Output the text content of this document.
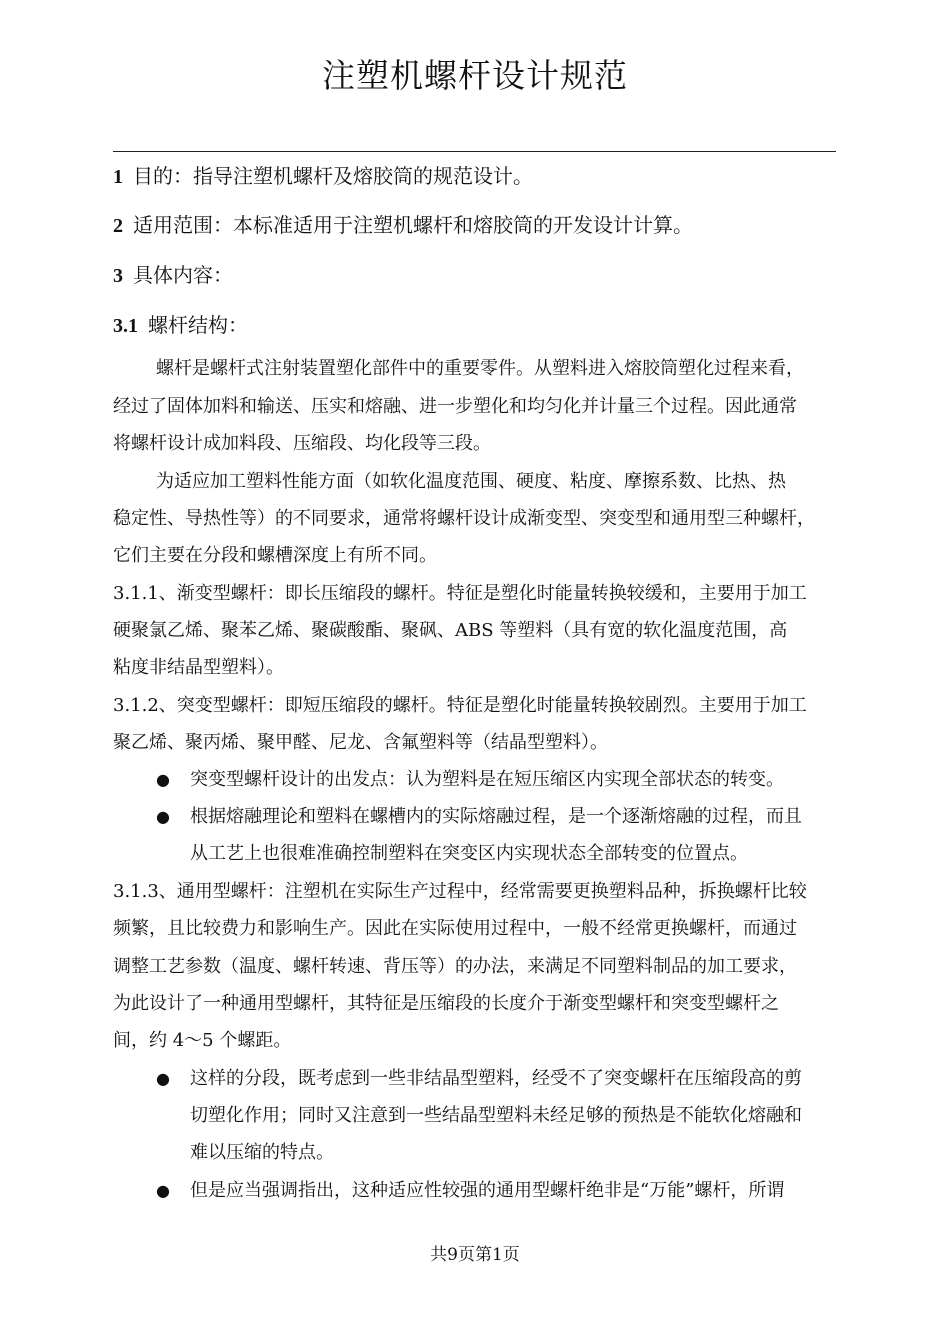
注塑机螺杆设计规范
1 目的：指导注塑机螺杆及熔胶筒的规范设计。
2 适用范围：本标准适用于注塑机螺杆和熔胶筒的开发设计计算。
3 具体内容：
3.1 螺杆结构：
螺杆是螺杆式注射装置塑化部件中的重要零件。从塑料进入熔胶筒塑化过程来看，
经过了固体加料和输送、压实和熔融、进一步塑化和均匀化并计量三个过程。因此通常
将螺杆设计成加料段、压缩段、均化段等三段。
为适应加工塑料性能方面（如软化温度范围、硬度、粘度、摩擦系数、比热、热
稳定性、导热性等）的不同要求，通常将螺杆设计成渐变型、突变型和通用型三种螺杆，
它们主要在分段和螺槽深度上有所不同。
3.1.1、渐变型螺杆：即长压缩段的螺杆。特征是塑化时能量转换较缓和，主要用于加工
硬聚氯乙烯、聚苯乙烯、聚碳酸酯、聚砜、ABS 等塑料（具有宽的软化温度范围，高
粘度非结晶型塑料）。
3.1.2、突变型螺杆：即短压缩段的螺杆。特征是塑化时能量转换较剧烈。主要用于加工
聚乙烯、聚丙烯、聚甲醛、尼龙、含氟塑料等（结晶型塑料）。
● 突变型螺杆设计的出发点：认为塑料是在短压缩区内实现全部状态的转变。
● 根据熔融理论和塑料在螺槽内的实际熔融过程，是一个逐渐熔融的过程，而且
从工艺上也很难准确控制塑料在突变区内实现状态全部转变的位置点。
3.1.3、通用型螺杆：注塑机在实际生产过程中，经常需要更换塑料品种，拆换螺杆比较
频繁，且比较费力和影响生产。因此在实际使用过程中，一般不经常更换螺杆，而通过
调整工艺参数（温度、螺杆转速、背压等）的办法，来满足不同塑料制品的加工要求，
为此设计了一种通用型螺杆，其特征是压缩段的长度介于渐变型螺杆和突变型螺杆之
间，约 4～5 个螺距。
● 这样的分段，既考虑到一些非结晶型塑料，经受不了突变螺杆在压缩段高的剪
切塑化作用；同时又注意到一些结晶型塑料未经足够的预热是不能软化熔融和
难以压缩的特点。
● 但是应当强调指出，这种适应性较强的通用型螺杆绝非是“万能”螺杆，所谓
共9页第1页
